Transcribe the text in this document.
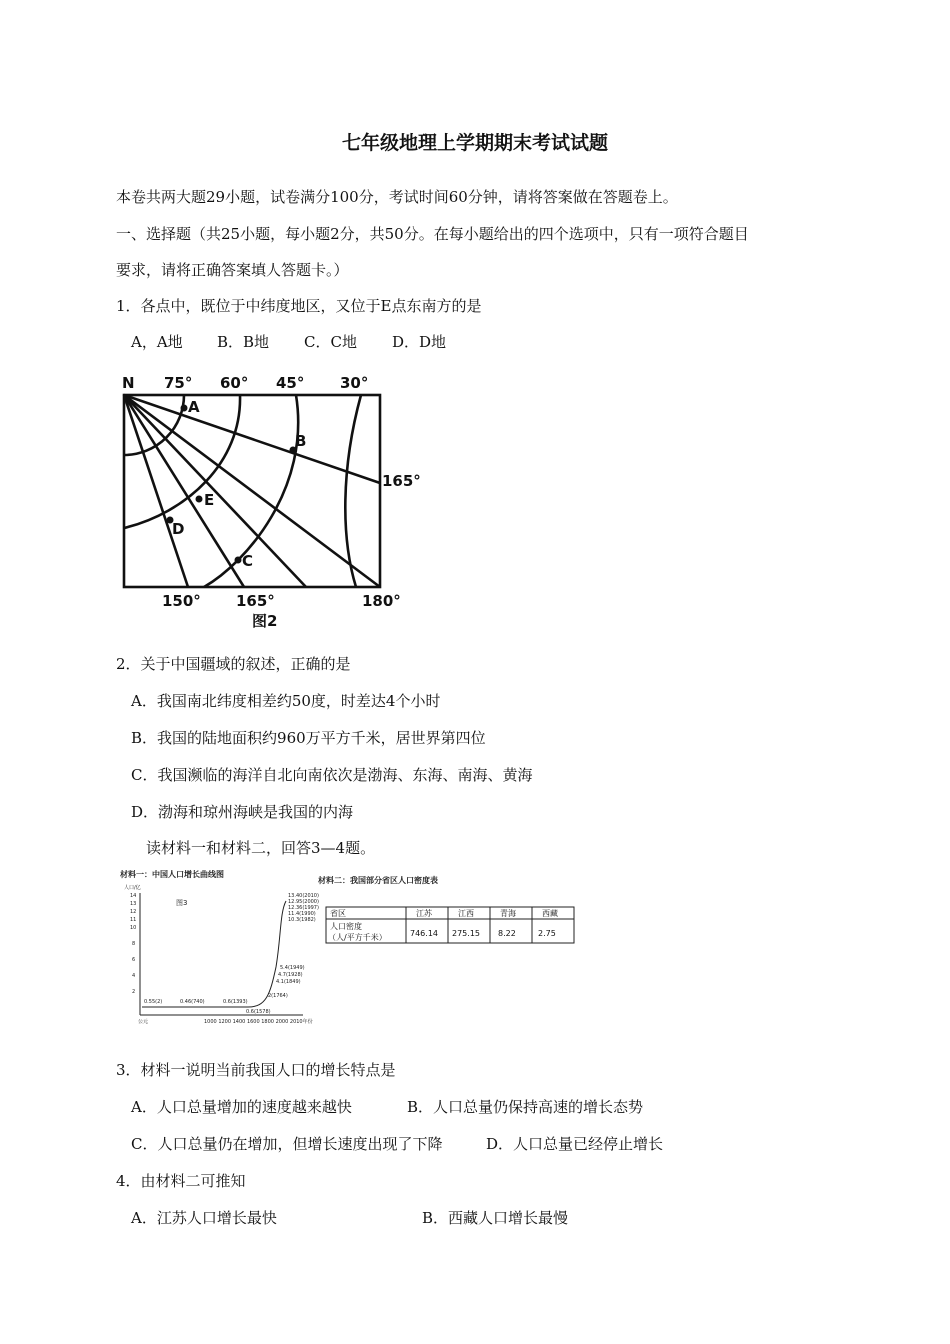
七年级地理上学期期末考试试题
本卷共两大题29小题，试卷满分100分，考试时间60分钟，请将答案做在答题卷上。
一、选择题（共25小题，每小题2分，共50分。在每小题给出的四个选项中，只有一项符合题目
要求，请将正确答案填人答题卡。）
1．各点中，既位于中纬度地区，又位于E点东南方的是
A，A地 B．B地 C．C地 D．D地
N 75° 60° 45° 30°
165°
150° 165°	180°
A
B
E
D
C
图2
2．关于中国疆域的叙述，正确的是
A．我国南北纬度相差约50度，时差达4个小时
B．我国的陆地面积约960万平方千米，居世界第四位
C．我国濒临的海洋自北向南依次是渤海、东海、南海、黄海
D．渤海和琼州海峡是我国的内海
读材料一和材料二，回答3—4题。
材料一：中国人口增长曲线图
材料二：我国部分省区人口密度表
人口/亿
图3
14
13
12
11
10
8
6
4
2
公元	1000 1200 1400 1600 1800 2000 2010年份
13.40(2010)
12.95(2000)
12.36(1997)
11.4(1990)
10.3(1982)
5.4(1949)
4.7(1928)
4.1(1849)
2(1764)
0.6(1578)
0.6(1393)
0.46(740)
0.55(2)
省区	江苏	江西	青海	西藏
人口密度
（人/平方千米）	746.14 275.15 8.22	2.75
3．材料一说明当前我国人口的增长特点是
A．人口总量增加的速度越来越快	B．人口总量仍保持高速的增长态势
C．人口总量仍在增加，但增长速度出现了下降	D．人口总量已经停止增长
4．由材料二可推知
A．江苏人口增长最快	B．西藏人口增长最慢
